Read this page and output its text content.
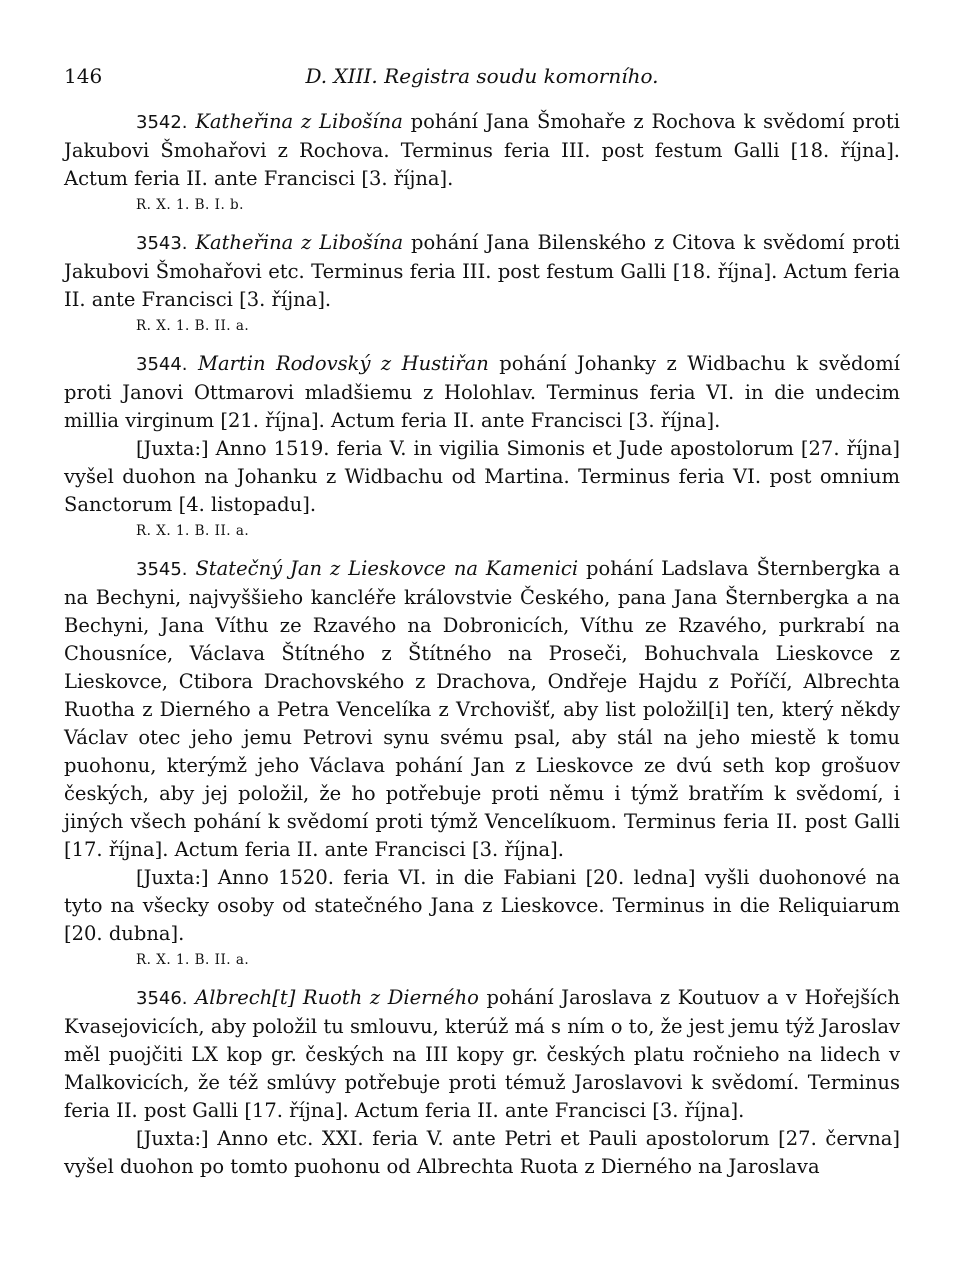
146	D. XIII. Registra soudu komorního.

3542. Katheřina z Libošína pohání Jana Šmohaře z Rochova k svědomí proti Jakubovi Šmohařovi z Rochova. Terminus feria III. post festum Galli [18. října]. Actum feria II. ante Francisci [3. října].

R. X. 1. B. I. b.

3543. Katheřina z Libošína pohání Jana Bilenského z Citova k svědomí proti Jakubovi Šmohařovi etc. Terminus feria III. post festum Galli [18. října]. Actum feria II. ante Francisci [3. října].

R. X. 1. B. II. a.

3544. Martin Rodovský z Hustiřan pohání Johanky z Widbachu k svědomí proti Janovi Ottmarovi mladšiemu z Holohlav. Terminus feria VI. in die undecim millia virginum [21. října]. Actum feria II. ante Francisci [3. října].

[Juxta:] Anno 1519. feria V. in vigilia Simonis et Jude apostolorum [27. října] vyšel duohon na Johanku z Widbachu od Martina. Terminus feria VI. post omnium Sanctorum [4. listopadu].

R. X. 1. B. II. a.

3545. Statečný Jan z Lieskovce na Kamenici pohání Ladslava Šternbergka a na Bechyni, najvyššieho kancléře královstvie Českého, pana Jana Šternbergka a na Bechyni, Jana Víthu ze Rzavého na Dobronicích, Víthu ze Rzavého, purkrabí na Chousníce, Václava Štítného z Štítného na Proseči, Bohuchvala Lieskovce z Lieskovce, Ctibora Drachovského z Drachova, Ondřeje Hajdu z Poříčí, Albrechta Ruotha z Dierného a Petra Vencelíka z Vrchovišť, aby list položil[i] ten, který někdy Václav otec jeho jemu Petrovi synu svému psal, aby stál na jeho miestě k tomu puohonu, kterýmž jeho Václava pohání Jan z Lieskovce ze dvú seth kop grošuov českých, aby jej položil, že ho potřebuje proti němu i týmž bratřím k svědomí, i jiných všech pohání k svědomí proti týmž Vencelíkuom. Terminus feria II. post Galli [17. října]. Actum feria II. ante Francisci [3. října].

[Juxta:] Anno 1520. feria VI. in die Fabiani [20. ledna] vyšli duohonové na tyto na všecky osoby od statečného Jana z Lieskovce. Terminus in die Reliquiarum [20. dubna].

R. X. 1. B. II. a.

3546. Albrech[t] Ruoth z Dierného pohání Jaroslava z Koutuov a v Hořejších Kvasejovicích, aby položil tu smlouvu, kterúž má s ním o to, že jest jemu týž Jaroslav měl puojčiti LX kop gr. českých na III kopy gr. českých platu ročnieho na lidech v Malkovicích, že též smlúvy potřebuje proti témuž Jaroslavovi k svědomí. Terminus feria II. post Galli [17. října]. Actum feria II. ante Francisci [3. října].

[Juxta:] Anno etc. XXI. feria V. ante Petri et Pauli apostolorum [27. června] vyšel duohon po tomto puohonu od Albrechta Ruota z Dierného na Jaroslava
